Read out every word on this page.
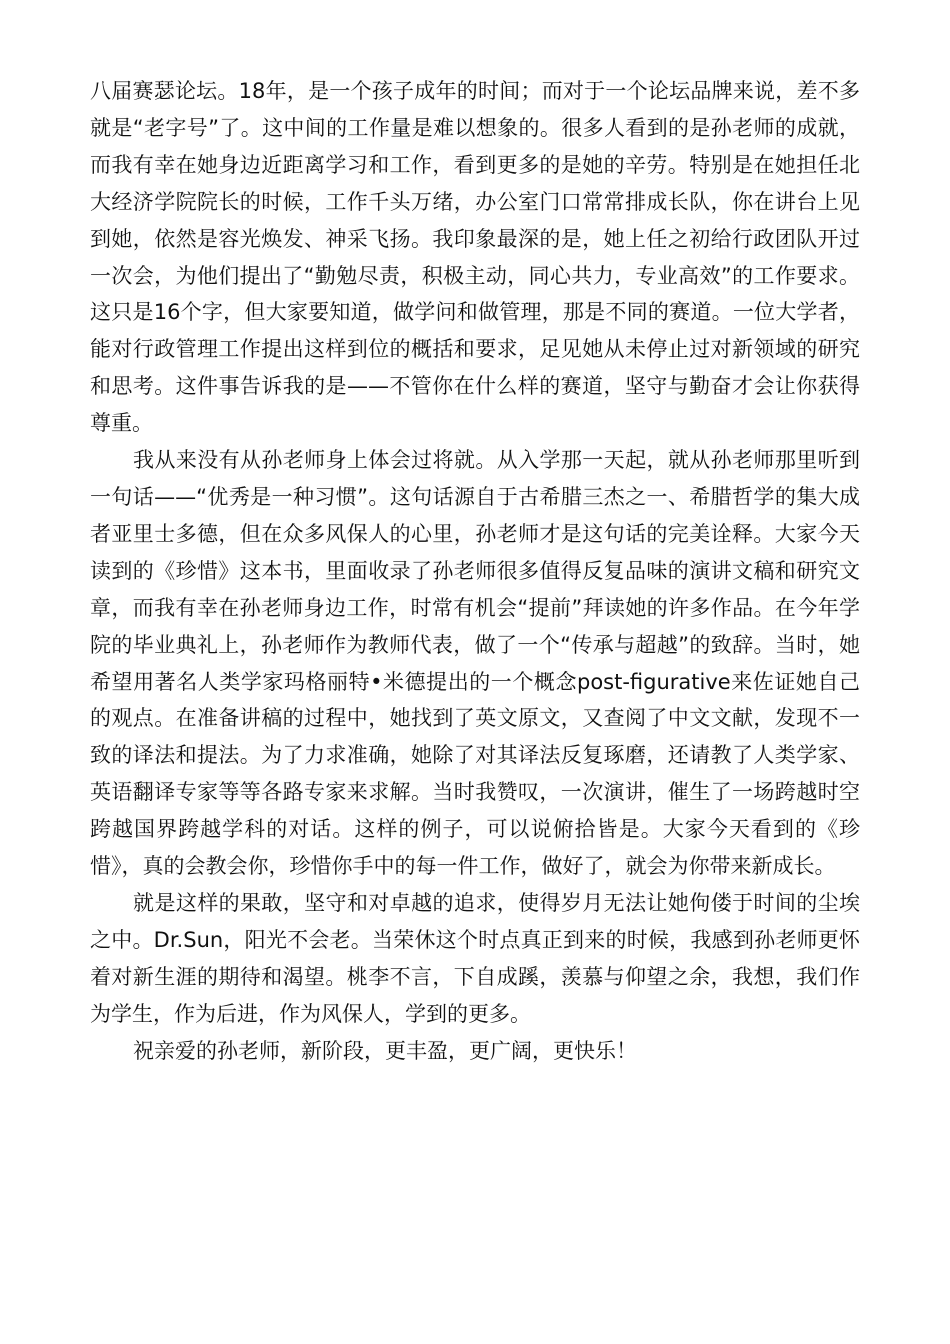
八届赛瑟论坛。18年，是一个孩子成年的时间；而对于一个论坛品牌来说，差不多就是“老字号”了。这中间的工作量是难以想象的。很多人看到的是孙老师的成就，而我有幸在她身边近距离学习和工作，看到更多的是她的辛劳。特别是在她担任北大经济学院院长的时候，工作千头万绪，办公室门口常常排成长队，你在讲台上见到她，依然是容光焕发、神采飞扬。我印象最深的是，她上任之初给行政团队开过一次会，为他们提出了“勤勉尽责，积极主动，同心共力，专业高效”的工作要求。这只是16个字，但大家要知道，做学问和做管理，那是不同的赛道。一位大学者，能对行政管理工作提出这样到位的概括和要求，足见她从未停止过对新领域的研究和思考。这件事告诉我的是——不管你在什么样的赛道，坚守与勤奋才会让你获得尊重。

我从来没有从孙老师身上体会过将就。从入学那一天起，就从孙老师那里听到一句话——“优秀是一种习惯”。这句话源自于古希腊三杰之一、希腊哲学的集大成者亚里士多德，但在众多风保人的心里，孙老师才是这句话的完美诠释。大家今天读到的《珍惜》这本书，里面收录了孙老师很多值得反复品味的演讲文稿和研究文章，而我有幸在孙老师身边工作，时常有机会“提前”拜读她的许多作品。在今年学院的毕业典礼上，孙老师作为教师代表，做了一个“传承与超越”的致辞。当时，她希望用著名人类学家玛格丽特•米德提出的一个概念post-figurative来佐证她自己的观点。在准备讲稿的过程中，她找到了英文原文，又查阅了中文文献，发现不一致的译法和提法。为了力求准确，她除了对其译法反复琢磨，还请教了人类学家、英语翻译专家等等各路专家来求解。当时我赞叹，一次演讲，催生了一场跨越时空跨越国界跨越学科的对话。这样的例子，可以说俯拾皆是。大家今天看到的《珍惜》，真的会教会你，珍惜你手中的每一件工作，做好了，就会为你带来新成长。

就是这样的果敢，坚守和对卓越的追求，使得岁月无法让她佝偻于时间的尘埃之中。Dr.Sun，阳光不会老。当荣休这个时点真正到来的时候，我感到孙老师更怀着对新生涯的期待和渴望。桃李不言，下自成蹊，羡慕与仰望之余，我想，我们作为学生，作为后进，作为风保人，学到的更多。

祝亲爱的孙老师，新阶段，更丰盈，更广阔，更快乐！
